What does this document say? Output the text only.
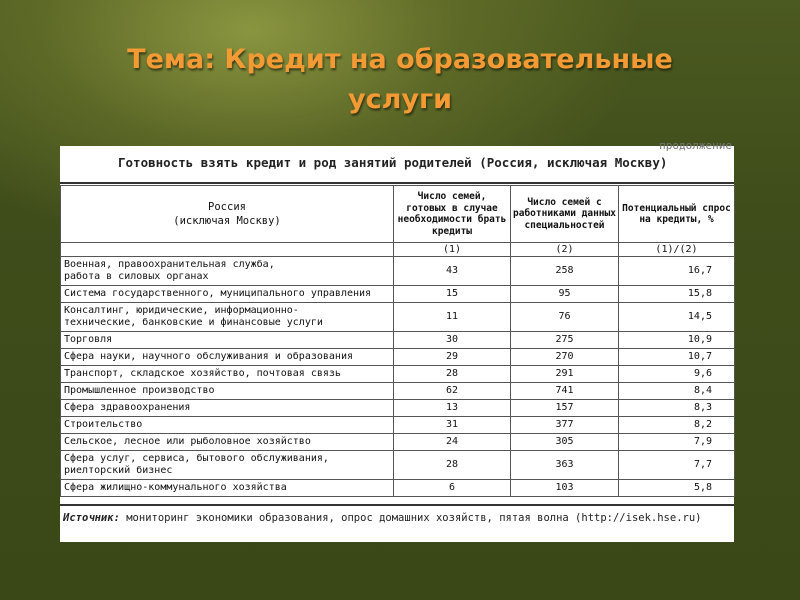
Тема: Кредит на образовательные
услуги
продолжение
Готовность взять кредит и род занятий родителей (Россия, исключая Москву)
Россия
(исключая Москву)	Число семей, готовых в случае необходимости брать кредиты	Число семей с работниками данных специальностей	Потенциальный спрос на кредиты, %
	(1)	(2)	(1)/(2)

Военная, правоохранительная служба,
работа в силовых органах	43	258	16,7

Система государственного, муниципального управления	15	95	15,8

Консалтинг, юридические, информационно-
технические, банковские и финансовые услуги	11	76	14,5

Торговля	30	275	10,9

Сфера науки, научного обслуживания и образования	29	270	10,7

Транспорт, складское хозяйство, почтовая связь	28	291	9,6

Промышленное производство	62	741	8,4

Сфера здравоохранения	13	157	8,3

Строительство	31	377	8,2

Сельское, лесное или рыболовное хозяйство	24	305	7,9

Сфера услуг, сервиса, бытового обслуживания,
риелторский бизнес	28	363	7,7

Сфера жилищно-коммунального хозяйства	6	103	5,8
Источник: мониторинг экономики образования, опрос домашних хозяйств, пятая волна (http://isek.hse.ru)
